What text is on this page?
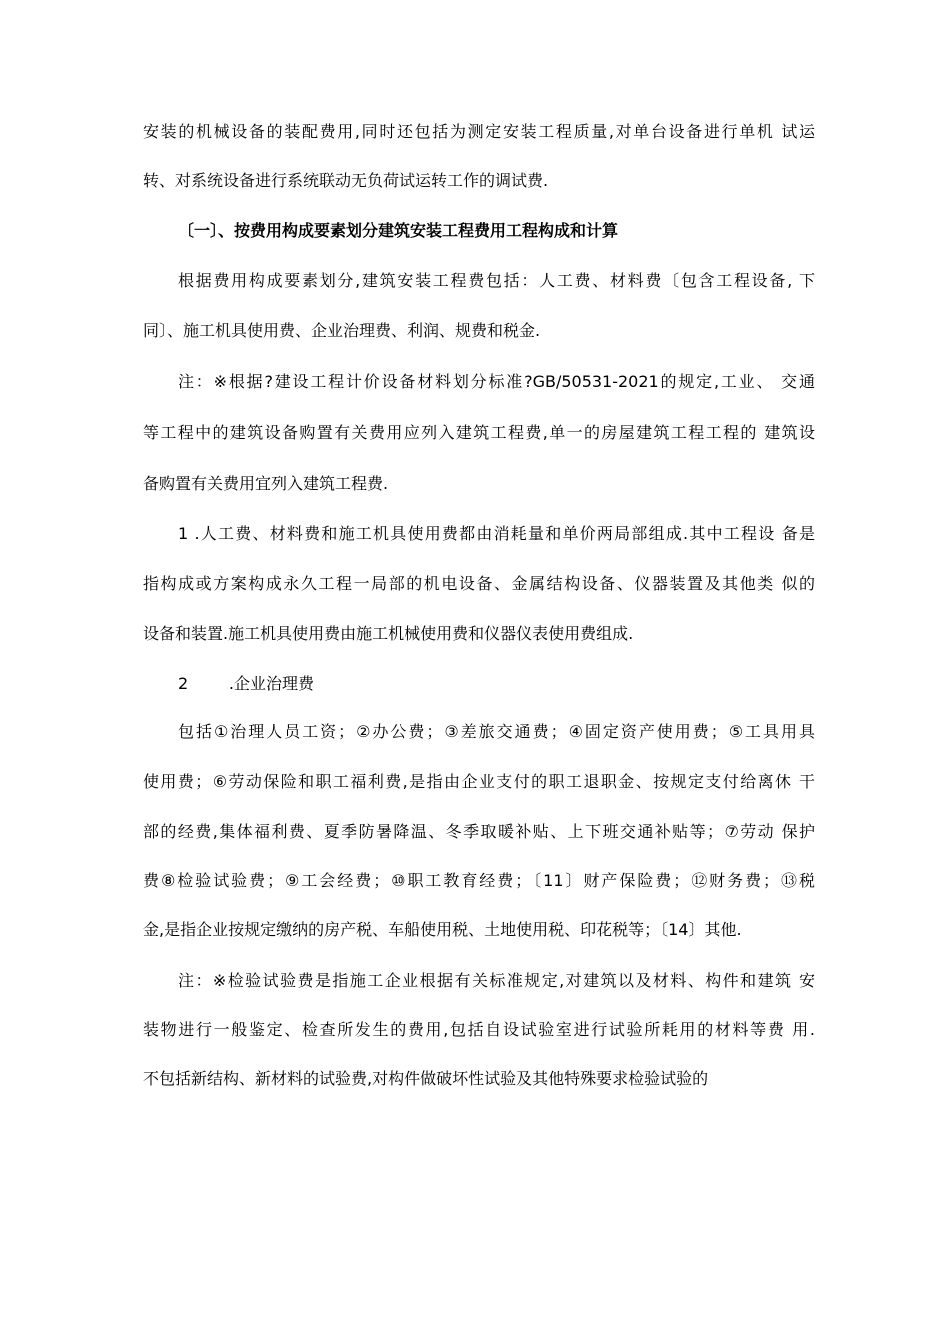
安装的机械设备的装配费用,同时还包括为测定安装工程质量,对单台设备进行单机 试运
转、对系统设备进行系统联动无负荷试运转工作的调试费.
〔一〕、按费用构成要素划分建筑安装工程费用工程构成和计算
根据费用构成要素划分,建筑安装工程费包括：人工费、材料费〔包含工程设备, 下
同〕、施工机具使用费、企业治理费、利润、规费和税金.
注：※根据?建设工程计价设备材料划分标准?GB/50531-2021的规定,工业、 交通
等工程中的建筑设备购置有关费用应列入建筑工程费,单一的房屋建筑工程工程的 建筑设
备购置有关费用宜列入建筑工程费.
1 .人工费、材料费和施工机具使用费都由消耗量和单价两局部组成.其中工程设 备是
指构成或方案构成永久工程一局部的机电设备、金属结构设备、仪器装置及其他类 似的
设备和装置.施工机具使用费由施工机械使用费和仪器仪表使用费组成.
2        .企业治理费
包括①治理人员工资；②办公费；③差旅交通费；④固定资产使用费；⑤工具用具
使用费；⑥劳动保险和职工福利费,是指由企业支付的职工退职金、按规定支付给离休 干
部的经费,集体福利费、夏季防暑降温、冬季取暖补贴、上下班交通补贴等；⑦劳动 保护
费⑧检验试验费；⑨工会经费；⑩职工教育经费；〔11〕财产保险费；⑫财务费；⑬税
金,是指企业按规定缴纳的房产税、车船使用税、土地使用税、印花税等；〔14〕其他.
注：※检验试验费是指施工企业根据有关标准规定,对建筑以及材料、构件和建筑 安
装物进行一般鉴定、检查所发生的费用,包括自设试验室进行试验所耗用的材料等费 用.
不包括新结构、新材料的试验费,对构件做破坏性试验及其他特殊要求检验试验的
